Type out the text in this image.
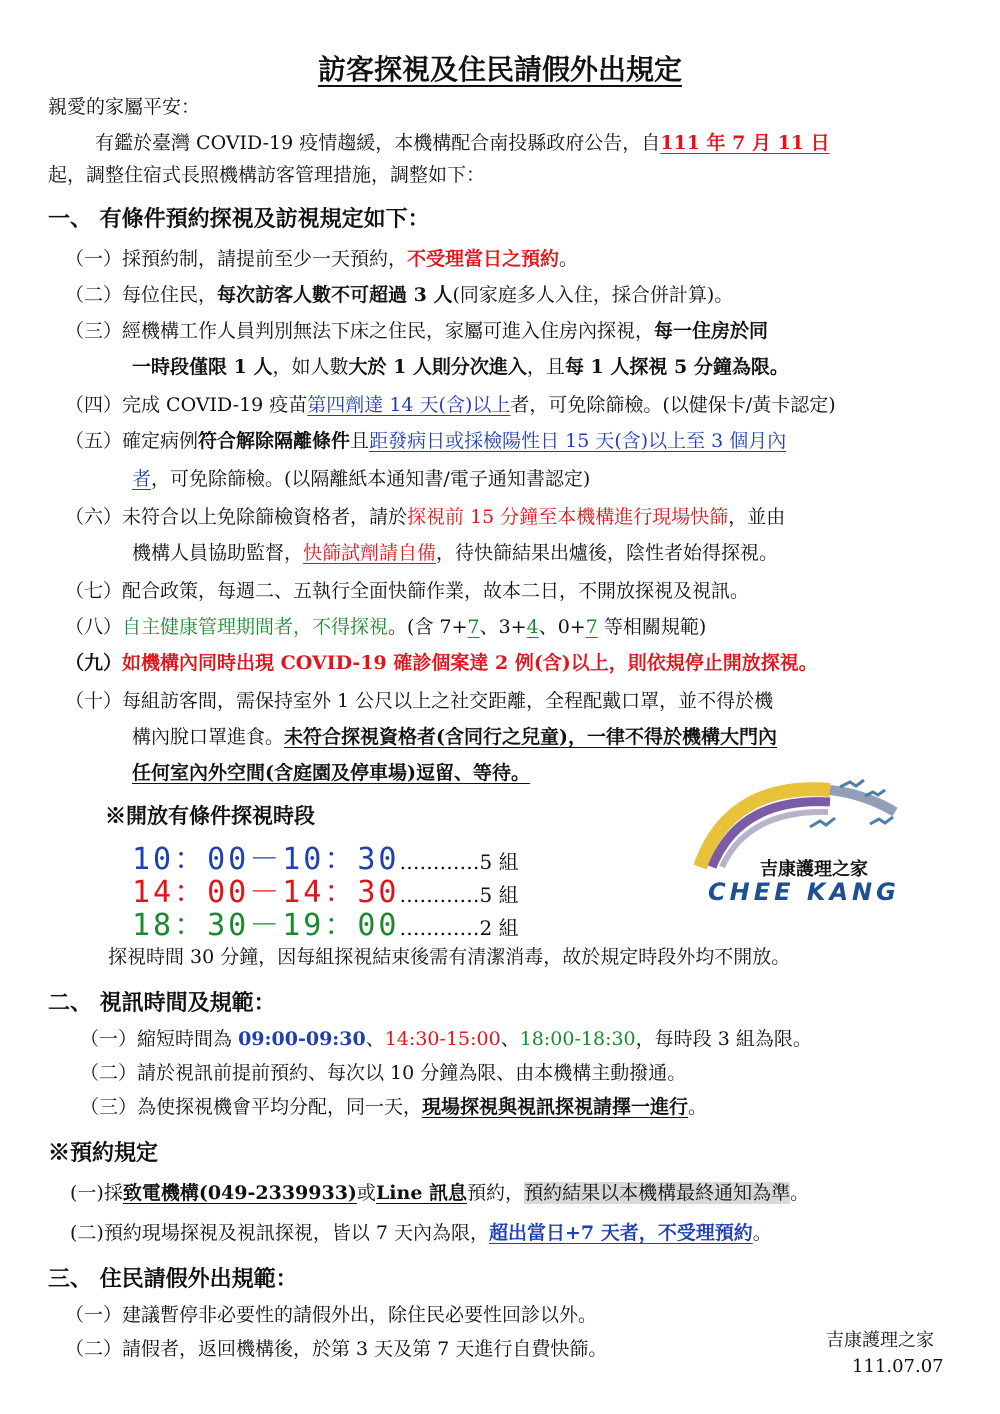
訪客探視及住民請假外出規定
親愛的家屬平安：
有鑑於臺灣 COVID-19 疫情趨緩，本機構配合南投縣政府公告，自111 年 7 月 11 日
起，調整住宿式長照機構訪客管理措施，調整如下：
一、 有條件預約探視及訪視規定如下：
（一）採預約制，請提前至少一天預約，不受理當日之預約。
（二）每位住民，每次訪客人數不可超過 3 人(同家庭多人入住，採合併計算)。
（三）經機構工作人員判別無法下床之住民，家屬可進入住房內探視，每一住房於同
一時段僅限 1 人，如人數大於 1 人則分次進入，且每 1 人探視 5 分鐘為限。
（四）完成 COVID-19 疫苗第四劑達 14 天(含)以上者，可免除篩檢。(以健保卡/黃卡認定)
（五）確定病例符合解除隔離條件且距發病日或採檢陽性日 15 天(含)以上至 3 個月內
者，可免除篩檢。(以隔離紙本通知書/電子通知書認定)
（六）未符合以上免除篩檢資格者，請於探視前 15 分鐘至本機構進行現場快篩，並由
機構人員協助監督，快篩試劑請自備，待快篩結果出爐後，陰性者始得探視。
（七）配合政策，每週二、五執行全面快篩作業，故本二日，不開放探視及視訊。
（八）自主健康管理期間者，不得探視。(含 7+7、3+4、0+7 等相關規範)
（九）如機構內同時出現 COVID-19 確診個案達 2 例(含)以上，則依規停止開放探視。
（十）每組訪客間，需保持室外 1 公尺以上之社交距離，全程配戴口罩，並不得於機
構內脫口罩進食。未符合探視資格者(含同行之兒童)，一律不得於機構大門內
任何室內外空間(含庭園及停車場)逗留、等待。
※開放有條件探視時段
10：00－10：30…………5 組
14：00－14：30…………5 組
18：30－19：00…………2 組
探視時間 30 分鐘，因每組探視結束後需有清潔消毒，故於規定時段外均不開放。
吉康護理之家
CHEE KANG
二、 視訊時間及規範：
（一）縮短時間為 09:00-09:30、14:30-15:00、18:00-18:30，每時段 3 組為限。
（二）請於視訊前提前預約、每次以 10 分鐘為限、由本機構主動撥通。
（三）為使探視機會平均分配，同一天，現場探視與視訊探視請擇一進行。
※預約規定
(一)採致電機構(049-2339933)或Line 訊息預約，預約結果以本機構最終通知為準。
(二)預約現場探視及視訊探視，皆以 7 天內為限，超出當日+7 天者，不受理預約。
三、 住民請假外出規範：
（一）建議暫停非必要性的請假外出，除住民必要性回診以外。
（二）請假者，返回機構後，於第 3 天及第 7 天進行自費快篩。	吉康護理之家
111.07.07
